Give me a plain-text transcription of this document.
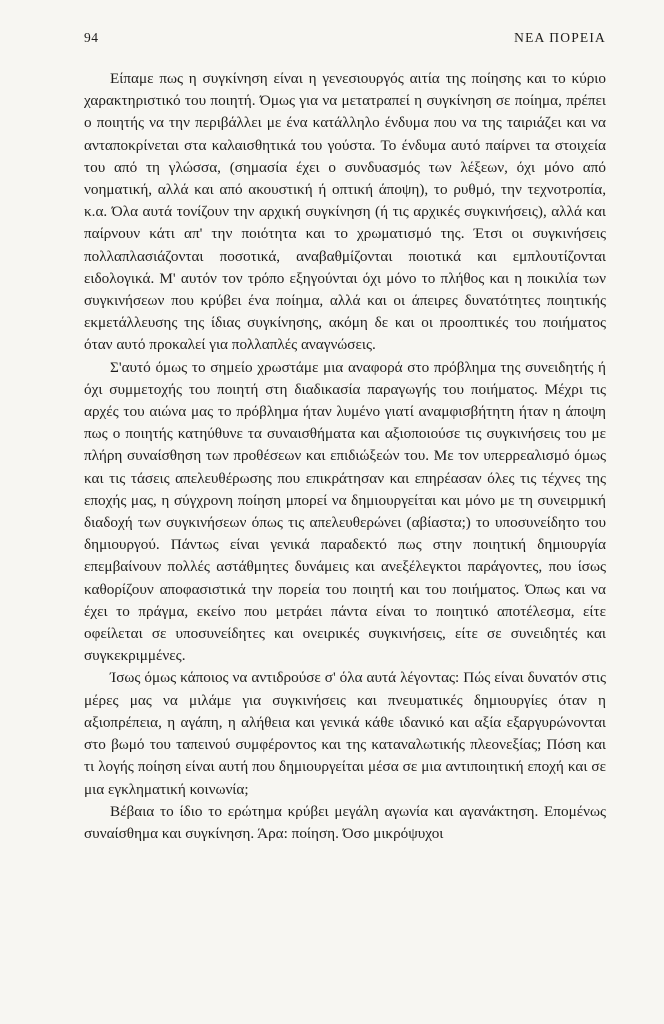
94	ΝΕΑ ΠΟΡΕΙΑ

Είπαμε πως η συγκίνηση είναι η γενεσιουργός αιτία της ποίησης και το κύριο χαρακτηριστικό του ποιητή. Όμως για να μετατραπεί η συγκίνηση σε ποίημα, πρέπει ο ποιητής να την περιβάλλει με ένα κατάλληλο ένδυμα που να της ταιριάζει και να ανταποκρίνεται στα καλαισθητικά του γούστα. Το ένδυμα αυτό παίρνει τα στοιχεία του από τη γλώσσα, (σημασία έχει ο συνδυασμός των λέξεων, όχι μόνο από νοηματική, αλλά και από ακουστική ή οπτική άποψη), το ρυθμό, την τεχνοτροπία, κ.α. Όλα αυτά τονίζουν την αρχική συγκίνηση (ή τις αρχικές συγκινήσεις), αλλά και παίρνουν κάτι απ' την ποιότητα και το χρωματισμό της. Έτσι οι συγκινήσεις πολλαπλασιάζονται ποσοτικά, αναβαθμίζονται ποιοτικά και εμπλουτίζονται ειδολογικά. Μ' αυτόν τον τρόπο εξηγούνται όχι μόνο το πλήθος και η ποικιλία των συγκινήσεων που κρύβει ένα ποίημα, αλλά και οι άπειρες δυνατότητες ποιητικής εκμετάλλευσης της ίδιας συγκίνησης, ακόμη δε και οι προοπτικές του ποιήματος όταν αυτό προκαλεί για πολλαπλές αναγνώσεις.

Σ'αυτό όμως το σημείο χρωστάμε μια αναφορά στο πρόβλημα της συνειδητής ή όχι συμμετοχής του ποιητή στη διαδικασία παραγωγής του ποιήματος. Μέχρι τις αρχές του αιώνα μας το πρόβλημα ήταν λυμένο γιατί αναμφισβήτητη ήταν η άποψη πως ο ποιητής κατηύθυνε τα συναισθήματα και αξιοποιούσε τις συγκινήσεις του με πλήρη συναίσθηση των προθέσεων και επιδιώξεών του. Με τον υπερρεαλισμό όμως και τις τάσεις απελευθέρωσης που επικράτησαν και επηρέασαν όλες τις τέχνες της εποχής μας, η σύγχρονη ποίηση μπορεί να δημιουργείται και μόνο με τη συνειρμική διαδοχή των συγκινήσεων όπως τις απελευθερώνει (αβίαστα;) το υποσυνείδητο του δημιουργού. Πάντως είναι γενικά παραδεκτό πως στην ποιητική δημιουργία επεμβαίνουν πολλές αστάθμητες δυνάμεις και ανεξέλεγκτοι παράγοντες, που ίσως καθορίζουν αποφασιστικά την πορεία του ποιητή και του ποιήματος. Όπως και να έχει το πράγμα, εκείνο που μετράει πάντα είναι το ποιητικό αποτέλεσμα, είτε οφείλεται σε υποσυνείδητες και ονειρικές συγκινήσεις, είτε σε συνειδητές και συγκεκριμμένες.

Ίσως όμως κάποιος να αντιδρούσε σ' όλα αυτά λέγοντας: Πώς είναι δυνατόν στις μέρες μας να μιλάμε για συγκινήσεις και πνευματικές δημιουργίες όταν η αξιοπρέπεια, η αγάπη, η αλήθεια και γενικά κάθε ιδανικό και αξία εξαργυρώνονται στο βωμό του ταπεινού συμφέροντος και της καταναλωτικής πλεονεξίας; Πόση και τι λογής ποίηση είναι αυτή που δημιουργείται μέσα σε μια αντιποιητική εποχή και σε μια εγκληματική κοινωνία;

Βέβαια το ίδιο το ερώτημα κρύβει μεγάλη αγωνία και αγανάκτηση. Επομένως συναίσθημα και συγκίνηση. Άρα: ποίηση. Όσο μικρόψυχοι
